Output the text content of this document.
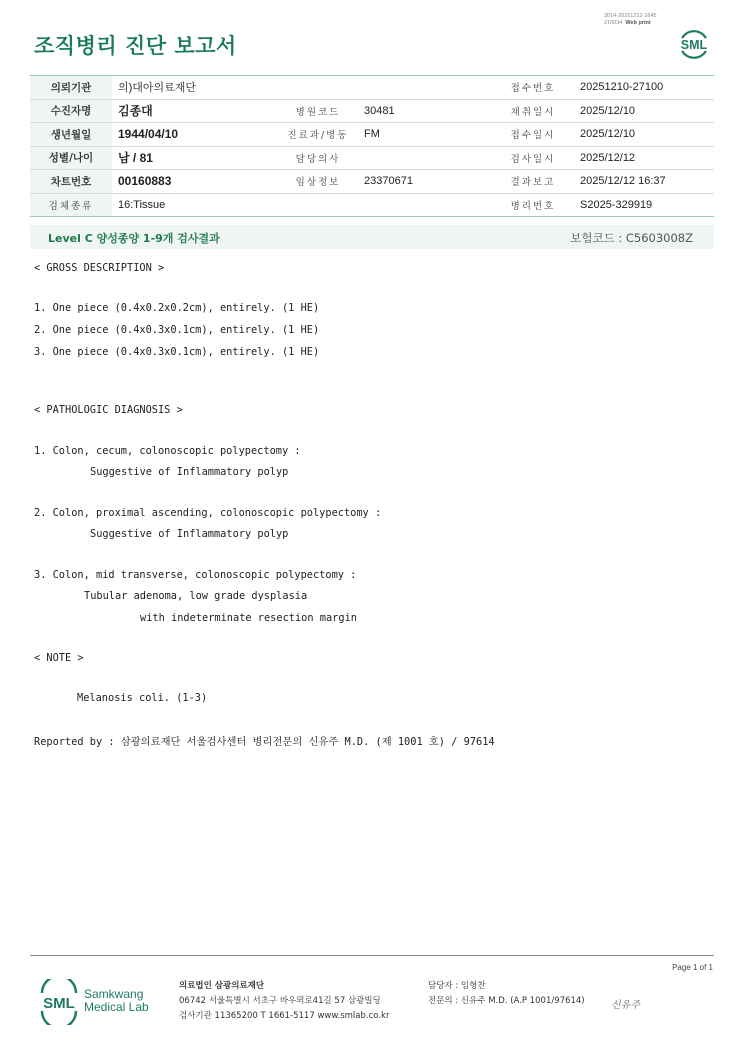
조직병리 진단 보고서
3014-20251212-1645
210034 Web print
SML
의뢰기관	의)대아의료재단			접수번호	20251210-27100
수진자명	김종대	병원코드	30481	채취일시	2025/12/10
생년월일	1944/04/10	진료과/병동	FM	접수일시	2025/12/10
성별/나이	남 / 81	담당의사		검사일시	2025/12/12
차트번호	00160883	임상정보	23370671	결과보고	2025/12/12 16:37
검체종류	16:Tissue			병리번호	S2025-329919
Level C 양성종양 1-9개 검사결과	보험코드 : C5603008Z
< GROSS DESCRIPTION >
1. One piece (0.4x0.2x0.2cm), entirely. (1 HE)
2. One piece (0.4x0.3x0.1cm), entirely. (1 HE)
3. One piece (0.4x0.3x0.1cm), entirely. (1 HE)
< PATHOLOGIC DIAGNOSIS >
1. Colon, cecum, colonoscopic polypectomy :
Suggestive of Inflammatory polyp
2. Colon, proximal ascending, colonoscopic polypectomy :
Suggestive of Inflammatory polyp
3. Colon, mid transverse, colonoscopic polypectomy :
Tubular adenoma, low grade dysplasia
with indeterminate resection margin
< NOTE >
Melanosis coli. (1-3)
Reported by : 삼광의료재단 서울검사센터 병리전문의 신유주 M.D. (제 1001 호) / 97614
Page 1 of 1
SML
Samkwang
Medical Lab
의료법인 삼광의료재단
06742 서울특별시 서초구 바우뫼로41길 57 삼광빌딩
검사기관 11365200 T 1661-5117 www.smlab.co.kr
담당자 : 임형찬
전문의 : 신유주 M.D. (A.P 1001/97614)	신유주
